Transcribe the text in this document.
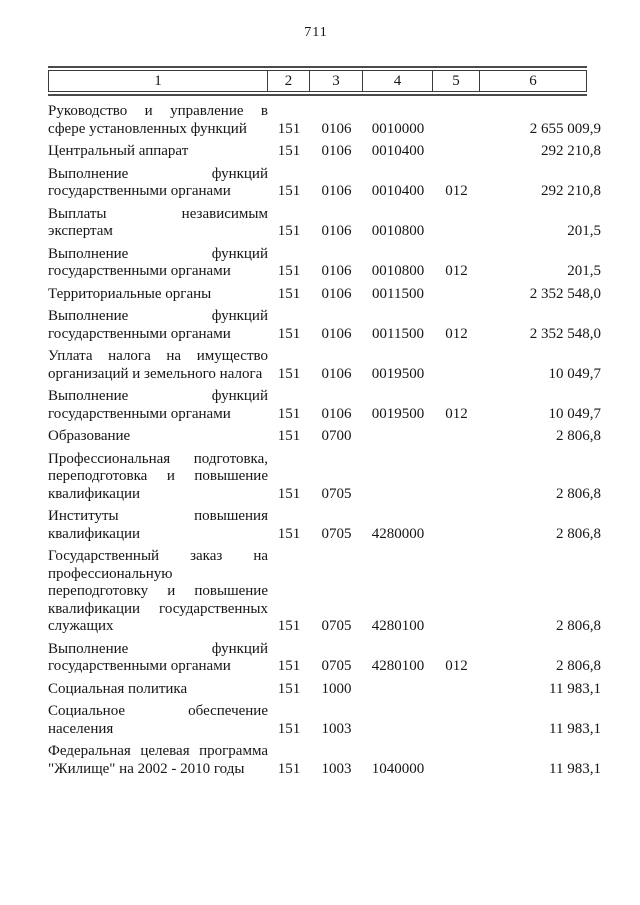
711
1	2	3	4	5	6
Руководство и управление в
сфере установленных функций	151	0106	0010000		2 655 009,9

Центральный аппарат	151	0106	0010400		292 210,8

Выполнение функций
государственными органами	151	0106	0010400	012	292 210,8

Выплаты независимым
экспертам	151	0106	0010800		201,5

Выполнение функций
государственными органами	151	0106	0010800	012	201,5

Территориальные органы	151	0106	0011500		2 352 548,0

Выполнение функций
государственными органами	151	0106	0011500	012	2 352 548,0

Уплата налога на имущество
организаций и земельного налога	151	0106	0019500		10 049,7

Выполнение функций
государственными органами	151	0106	0019500	012	10 049,7

Образование	151	0700			2 806,8

Профессиональная подготовка,
переподготовка и повышение
квалификации	151	0705			2 806,8

Институты повышения
квалификации	151	0705	4280000		2 806,8

Государственный заказ на
профессиональную
переподготовку и повышение
квалификации государственных
служащих	151	0705	4280100		2 806,8

Выполнение функций
государственными органами	151	0705	4280100	012	2 806,8

Социальная политика	151	1000			11 983,1

Социальное обеспечение
населения	151	1003			11 983,1

Федеральная целевая программа
"Жилище" на 2002 - 2010 годы	151	1003	1040000		11 983,1
